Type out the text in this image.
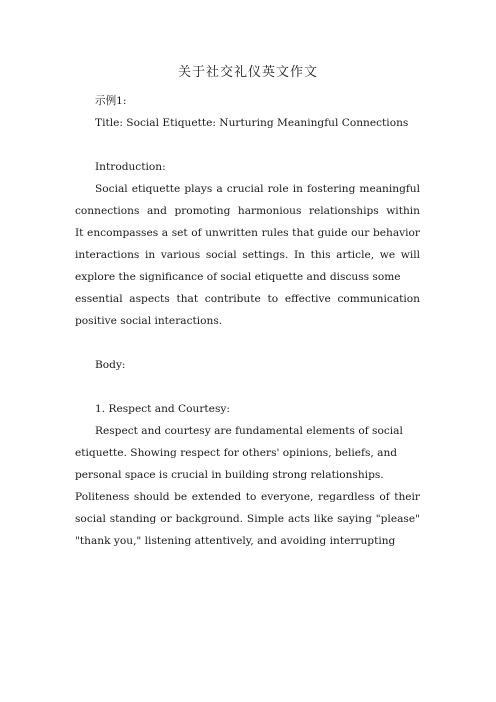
关于社交礼仪英文作文
示例1:
Title: Social Etiquette: Nurturing Meaningful Connections
Introduction:
Social etiquette plays a crucial role in fostering meaningful
connections and promoting harmonious relationships within
It encompasses a set of unwritten rules that guide our behavior
interactions in various social settings. In this article, we will
explore the significance of social etiquette and discuss some
essential aspects that contribute to effective communication
positive social interactions.
Body:
1. Respect and Courtesy:
Respect and courtesy are fundamental elements of social
etiquette. Showing respect for others' opinions, beliefs, and
personal space is crucial in building strong relationships.
Politeness should be extended to everyone, regardless of their
social standing or background. Simple acts like saying "please"
"thank you," listening attentively, and avoiding interrupting
